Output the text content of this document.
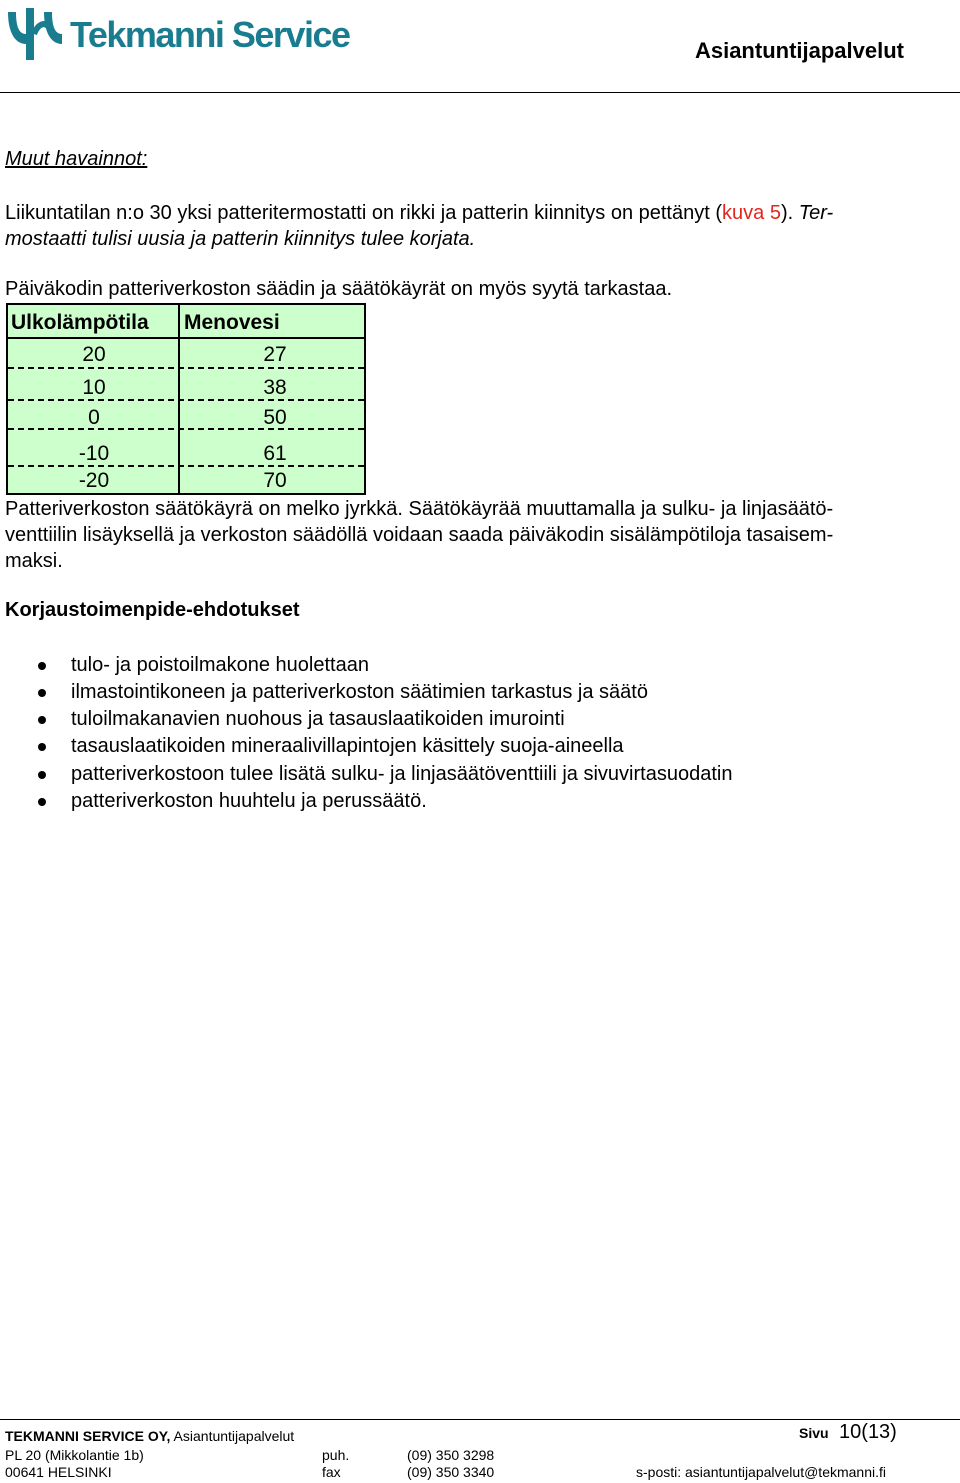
Tekmanni Service	Asiantuntijapalvelut
Muut havainnot:
Liikuntatilan n:o 30 yksi patteritermostatti on rikki ja patterin kiinnitys on pettänyt (kuva 5). Ter-
mostaatti tulisi uusia ja patterin kiinnitys tulee korjata.
Päiväkodin patteriverkoston säädin ja säätökäyrät on myös syytä tarkastaa.
Ulkolämpötila Menovesi
20	27
10	38
0	50
-10	61
-20	70
Patteriverkoston säätökäyrä on melko jyrkkä. Säätökäyrää muuttamalla ja sulku- ja linjasäätö-
venttiilin lisäyksellä ja verkoston säädöllä voidaan saada päiväkodin sisälämpötiloja tasaisem-
maksi.
Korjaustoimenpide-ehdotukset
tulo- ja poistoilmakone huolettaan
ilmastointikoneen ja patteriverkoston säätimien tarkastus ja säätö
tuloilmakanavien nuohous ja tasauslaatikoiden imurointi
tasauslaatikoiden mineraalivillapintojen käsittely suoja-aineella
patteriverkostoon tulee lisätä sulku- ja linjasäätöventtiili ja sivuvirtasuodatin
patteriverkoston huuhtelu ja perussäätö.
TEKMANNI SERVICE OY, Asiantuntijapalvelut	Sivu 10(13)
PL 20 (Mikkolantie 1b)
00641 HELSINKI
puh.	(09) 350 3298
fax	(09) 350 3340	s-posti: asiantuntijapalvelut@tekmanni.fi
